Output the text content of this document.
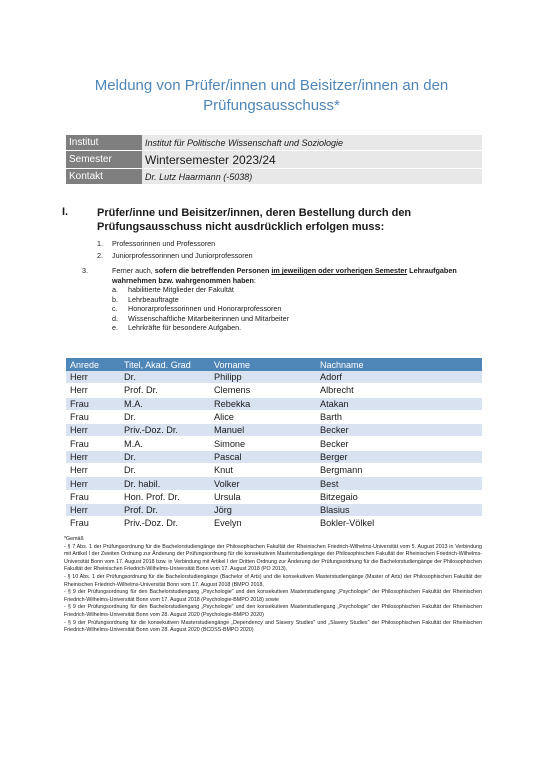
Meldung von Prüfer/innen und Beisitzer/innen an den
Prüfungsausschuss*
Institut	Institut für Politische Wissenschaft und Soziologie
Semester	Wintersemester 2023/24
Kontakt	Dr. Lutz Haarmann (-5038)
I.	Prüfer/inne und Beisitzer/innen, deren Bestellung durch den Prüfungsausschuss nicht ausdrücklich erfolgen muss:
1.	Professorinnen und Professoren
2.	Juniorprofessorinnen und Juniorprofessoren
3.	Ferner auch, sofern die betreffenden Personen im jeweiligen oder vorherigen Semester Lehraufgaben wahrnehmen bzw. wahrgenommen haben:
a.	habilitierte Mitglieder der Fakultät
b.	Lehrbeauftragte
c.	Honorarprofessorinnen und Honorarprofessoren
d.	Wissenschaftliche Mitarbeiterinnen und Mitarbeiter
e.	Lehrkräfte für besondere Aufgaben.
Anrede	Titel, Akad. Grad	Vorname	Nachname
Herr	Dr.	Philipp	Adorf
Herr	Prof. Dr.	Clemens	Albrecht
Frau	M.A.	Rebekka	Atakan
Frau	Dr.	Alice	Barth
Herr	Priv.-Doz. Dr.	Manuel	Becker
Frau	M.A.	Simone	Becker
Herr	Dr.	Pascal	Berger
Herr	Dr.	Knut	Bergmann
Herr	Dr. habil.	Volker	Best
Frau	Hon. Prof. Dr.	Ursula	Bitzegaio
Herr	Prof. Dr.	Jörg	Blasius
Frau	Priv.-Doz. Dr.	Evelyn	Bokler-Völkel

*Gemäß

- § 7 Abs. 1 der Prüfungsordnung für die Bachelorstudiengänge der Philosophischen Fakultät der Rheinischen Friedrich-Wilhelms-Universität vom 5. August 2013 in Verbindung mit Artikel I der Zweiten Ordnung zur Änderung der Prüfungsordnung für die konsekutiven Masterstudiengänge der Philosophischen Fakultät der Rheinischen Friedrich-Wilhelms-Universität Bonn vom 17. August 2018 bzw. in Verbindung mit Artikel I der Dritten Ordnung zur Änderung der Prüfungsordnung für die Bachelorstudiengänge der Philosophischen Fakultät der Rheinischen Friedrich-Wilhelms-Universität Bonn vom 17. August 2018 (PO 2013),

- § 10 Abs. 1 der Prüfungsordnung für die Bachelorstudiengänge (Bachelor of Arts) und die konsekutiven Masterstudiengänge (Master of Arts) der Philosophischen Fakultät der Rheinischen Friedrich-Wilhelms-Universität Bonn vom 17. August 2018 (BMPO 2018,

- § 9 der Prüfungsordnung für den Bachelorstudiengang „Psychologie" und den konsekutiven Masterstudiengang „Psychologie" der Philosophischen Fakultät der Rheinischen Friedrich-Wilhelms-Universität Bonn vom 17. August 2018 (Psychologie-BMPO 2018) sowie

- § 9 der Prüfungsordnung für den Bachelorstudiengang „Psychologie" und den konsekutiven Masterstudiengang „Psychologie" der Philosophischen Fakultät der Rheinischen Friedrich-Wilhelms-Universität Bonn vom 28. August 2020 (Psychologie-BMPO 2020)

- § 9 der Prüfungsordnung für die konsekutiven Masterstudiengänge „Dependency and Slavery Studies" und „Slavery Studies" der Philosophischen Fakultät der Rheinischen Friedrich-Wilhelms-Universität Bonn vom 28. August 2020 (BCDSS-BMPO 2020)
